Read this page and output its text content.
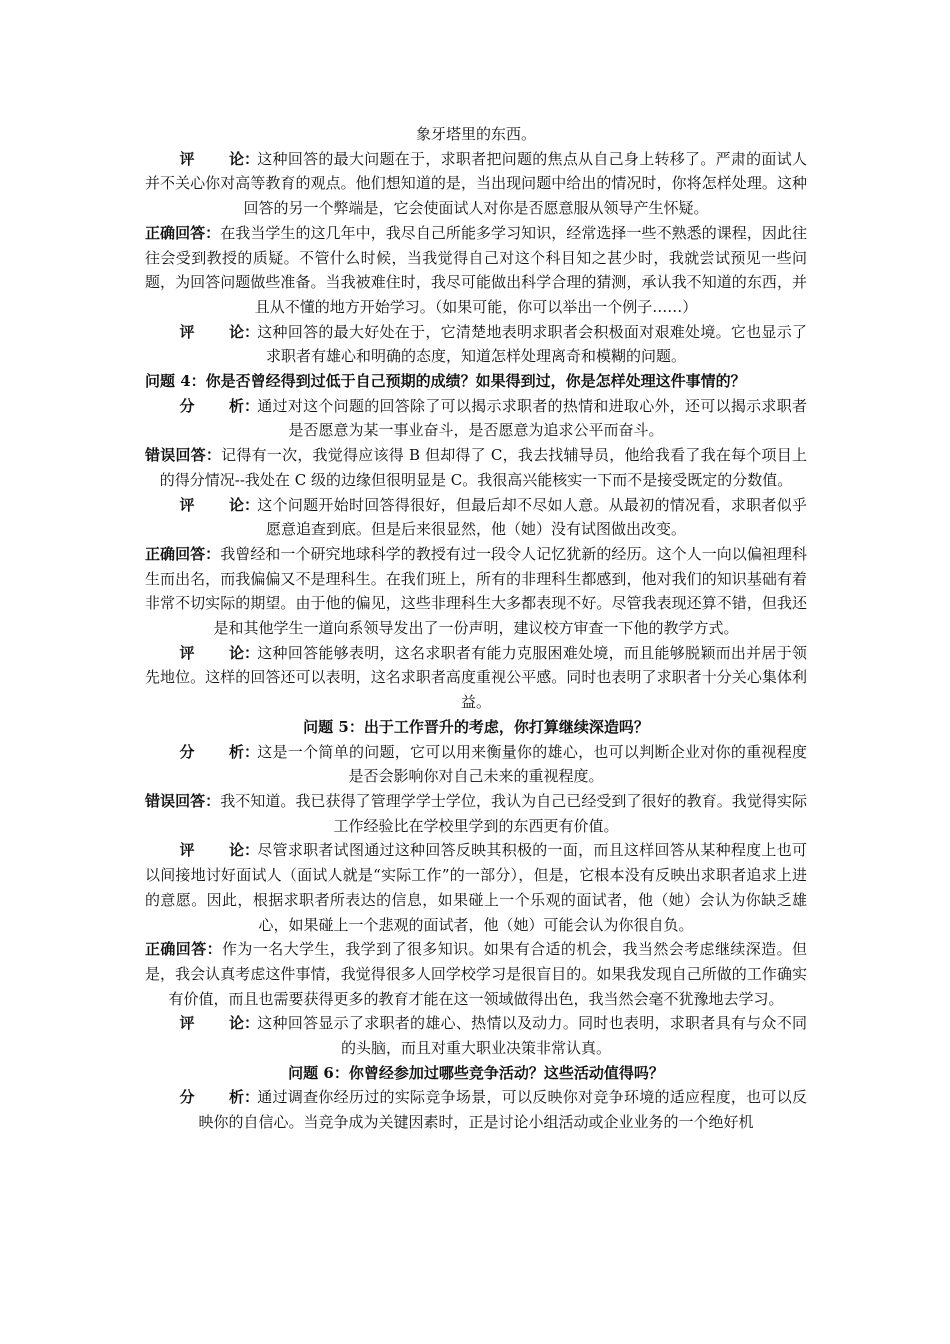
象牙塔里的东西。

评 论：这种回答的最大问题在于，求职者把问题的焦点从自己身上转移了。严肃的面试人并不关心你对高等教育的观点。他们想知道的是，当出现问题中给出的情况时，你将怎样处理。这种回答的另一个弊端是，它会使面试人对你是否愿意服从领导产生怀疑。

正确回答：在我当学生的这几年中，我尽自己所能多学习知识，经常选择一些不熟悉的课程，因此往往会受到教授的质疑。不管什么时候，当我觉得自己对这个科目知之甚少时，我就尝试预见一些问题，为回答问题做些准备。当我被难住时，我尽可能做出科学合理的猜测，承认我不知道的东西，并且从不懂的地方开始学习。（如果可能，你可以举出一个例子……）

评 论：这种回答的最大好处在于，它清楚地表明求职者会积极面对艰难处境。它也显示了求职者有雄心和明确的态度，知道怎样处理离奇和模糊的问题。

问题 4：你是否曾经得到过低于自己预期的成绩？如果得到过，你是怎样处理这件事情的？

分 析：通过对这个问题的回答除了可以揭示求职者的热情和进取心外，还可以揭示求职者是否愿意为某一事业奋斗，是否愿意为追求公平而奋斗。

错误回答：记得有一次，我觉得应该得 B 但却得了 C，我去找辅导员，他给我看了我在每个项目上的得分情况--我处在 C 级的边缘但很明显是 C。我很高兴能核实一下而不是接受既定的分数值。

评 论：这个问题开始时回答得很好，但最后却不尽如人意。从最初的情况看，求职者似乎愿意追查到底。但是后来很显然，他（她）没有试图做出改变。

正确回答：我曾经和一个研究地球科学的教授有过一段令人记忆犹新的经历。这个人一向以偏袒理科生而出名，而我偏偏又不是理科生。在我们班上，所有的非理科生都感到，他对我们的知识基础有着非常不切实际的期望。由于他的偏见，这些非理科生大多都表现不好。尽管我表现还算不错，但我还是和其他学生一道向系领导发出了一份声明，建议校方审查一下他的教学方式。

评 论：这种回答能够表明，这名求职者有能力克服困难处境，而且能够脱颖而出并居于领先地位。这样的回答还可以表明，这名求职者高度重视公平感。同时也表明了求职者十分关心集体利益。

问题 5：出于工作晋升的考虑，你打算继续深造吗？

分 析：这是一个简单的问题，它可以用来衡量你的雄心，也可以判断企业对你的重视程度是否会影响你对自己未来的重视程度。

错误回答：我不知道。我已获得了管理学学士学位，我认为自己已经受到了很好的教育。我觉得实际工作经验比在学校里学到的东西更有价值。

评 论：尽管求职者试图通过这种回答反映其积极的一面，而且这样回答从某种程度上也可以间接地讨好面试人（面试人就是“实际工作”的一部分），但是，它根本没有反映出求职者追求上进的意愿。因此，根据求职者所表达的信息，如果碰上一个乐观的面试者，他（她）会认为你缺乏雄心，如果碰上一个悲观的面试者，他（她）可能会认为你很自负。

正确回答：作为一名大学生，我学到了很多知识。如果有合适的机会，我当然会考虑继续深造。但是，我会认真考虑这件事情，我觉得很多人回学校学习是很盲目的。如果我发现自己所做的工作确实有价值，而且也需要获得更多的教育才能在这一领域做得出色，我当然会毫不犹豫地去学习。

评 论：这种回答显示了求职者的雄心、热情以及动力。同时也表明，求职者具有与众不同的头脑，而且对重大职业决策非常认真。

问题 6：你曾经参加过哪些竞争活动？这些活动值得吗？

分 析：通过调查你经历过的实际竞争场景，可以反映你对竞争环境的适应程度，也可以反映你的自信心。当竞争成为关键因素时，正是讨论小组活动或企业业务的一个绝好机
